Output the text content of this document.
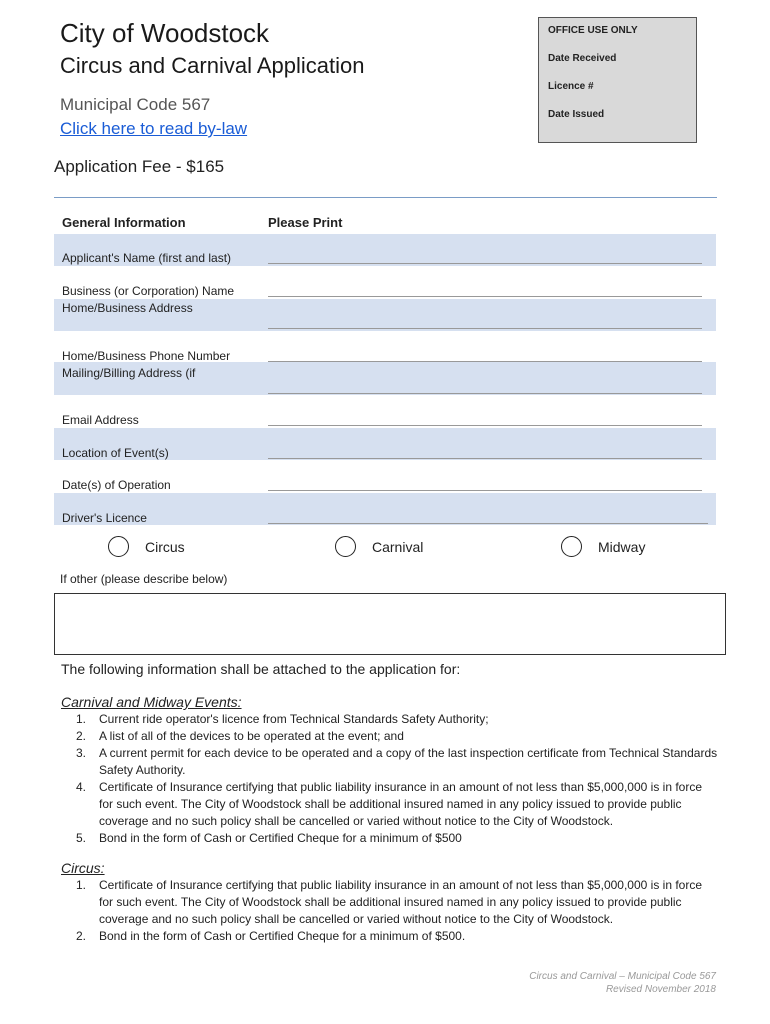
City of Woodstock
Circus and Carnival Application
Municipal Code 567
Click here to read by-law
Application Fee - $165
OFFICE USE ONLY
Date Received
Licence #
Date Issued
General Information	Please Print
Applicant's Name (first and last)
Business (or Corporation) Name
Home/Business Address
Home/Business Phone Number
Mailing/Billing Address (if
Email Address
Location of Event(s)
Date(s) of Operation
Driver's Licence
Circus	Carnival	Midway
If other (please describe below)
The following information shall be attached to the application for:
Carnival and Midway Events:
1.	Current ride operator's licence from Technical Standards Safety Authority;
2.	A list of all of the devices to be operated at the event; and
3.	A current permit for each device to be operated and a copy of the last inspection certificate from Technical Standards Safety Authority.
4.	Certificate of Insurance certifying that public liability insurance in an amount of not less than $5,000,000 is in force for such event. The City of Woodstock shall be additional insured named in any policy issued to provide public coverage and no such policy shall be cancelled or varied without notice to the City of Woodstock.
5.	Bond in the form of Cash or Certified Cheque for a minimum of $500
Circus:
1.	Certificate of Insurance certifying that public liability insurance in an amount of not less than $5,000,000 is in force for such event. The City of Woodstock shall be additional insured named in any policy issued to provide public coverage and no such policy shall be cancelled or varied without notice to the City of Woodstock.
2.	Bond in the form of Cash or Certified Cheque for a minimum of $500.
Circus and Carnival – Municipal Code 567
Revised November 2018
